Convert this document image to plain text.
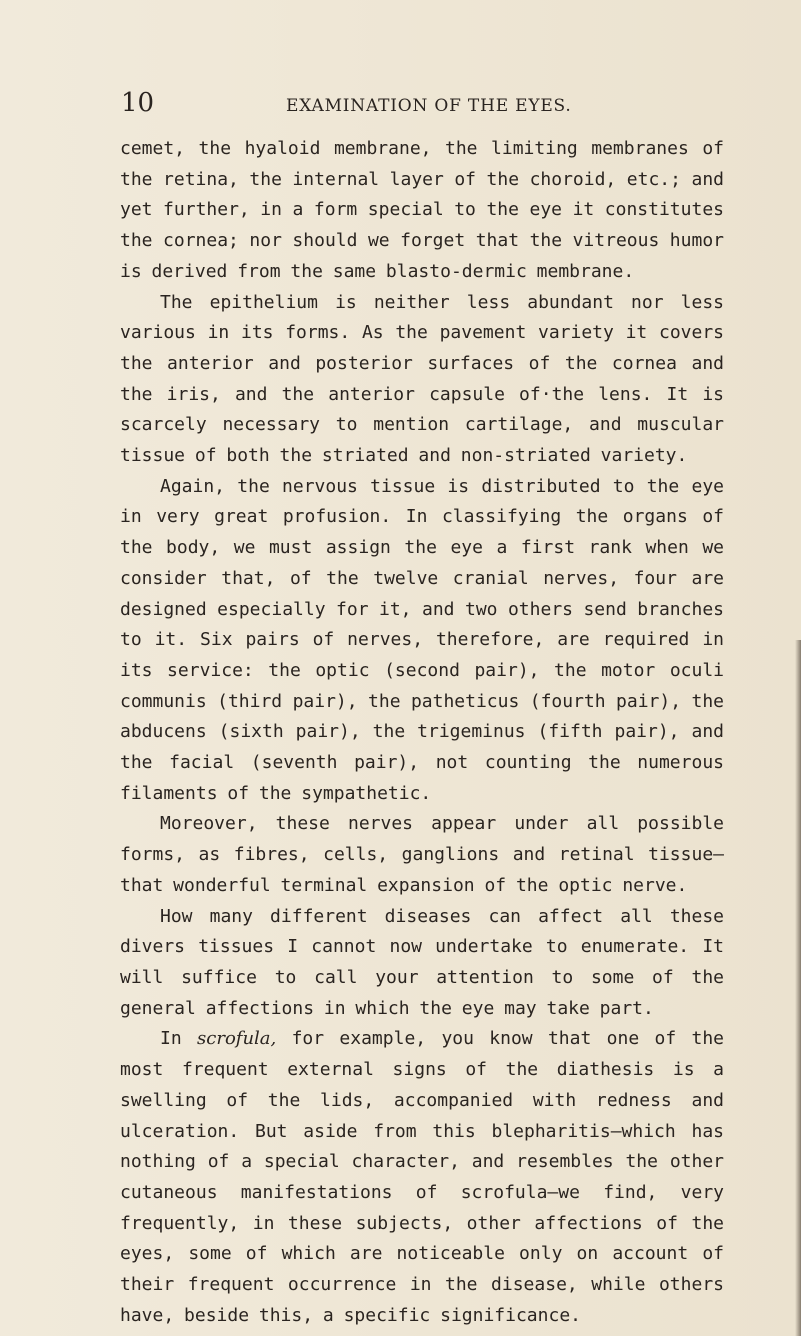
10	EXAMINATION OF THE EYES.

cemet, the hyaloid membrane, the limiting membranes of the retina, the internal layer of the choroid, etc.; and yet further, in a form special to the eye it constitutes the cornea; nor should we forget that the vitreous humor is derived from the same blasto-dermic membrane.

The epithelium is neither less abundant nor less various in its forms. As the pavement variety it covers the anterior and posterior surfaces of the cornea and the iris, and the anterior capsule of·the lens. It is scarcely necessary to mention cartilage, and muscular tissue of both the striated and non-striated variety.

Again, the nervous tissue is distributed to the eye in very great profusion. In classifying the organs of the body, we must assign the eye a first rank when we consider that, of the twelve cranial nerves, four are designed especially for it, and two others send branches to it. Six pairs of nerves, therefore, are required in its service: the optic (second pair), the motor oculi communis (third pair), the patheticus (fourth pair), the abducens (sixth pair), the trigeminus (fifth pair), and the facial (seventh pair), not counting the numerous filaments of the sympathetic.

Moreover, these nerves appear under all possible forms, as fibres, cells, ganglions and retinal tissue—that wonderful terminal expansion of the optic nerve.

How many different diseases can affect all these divers tissues I cannot now undertake to enumerate. It will suffice to call your attention to some of the general affections in which the eye may take part.

In scrofula, for example, you know that one of the most frequent external signs of the diathesis is a swelling of the lids, accompanied with redness and ulceration. But aside from this blepharitis—which has nothing of a special character, and resembles the other cutaneous manifestations of scrofula—we find, very frequently, in these subjects, other affections of the eyes, some of which are noticeable only on account of their frequent occurrence in the disease, while others have, beside this, a specific significance.
